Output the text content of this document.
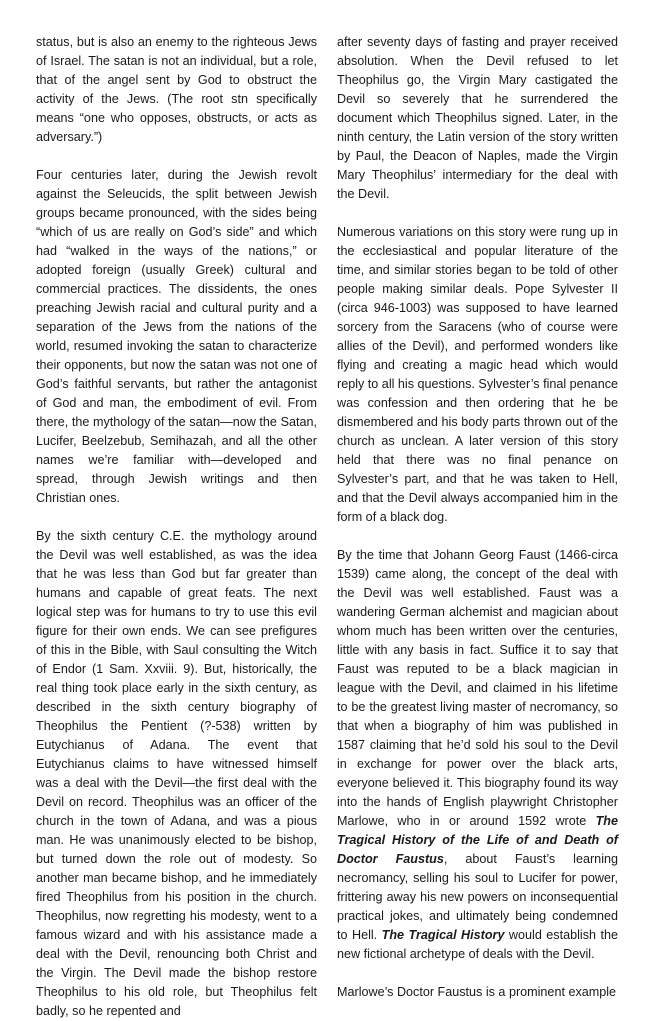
status, but is also an enemy to the righteous Jews of Israel. The satan is not an individual, but a role, that of the angel sent by God to obstruct the activity of the Jews. (The root stn specifically means “one who opposes, obstructs, or acts as adversary.”)

Four centuries later, during the Jewish revolt against the Seleucids, the split between Jewish groups became pronounced, with the sides being “which of us are really on God’s side” and which had “walked in the ways of the nations,” or adopted foreign (usually Greek) cultural and commercial practices. The dissidents, the ones preaching Jewish racial and cultural purity and a separation of the Jews from the nations of the world, resumed invoking the satan to characterize their opponents, but now the satan was not one of God’s faithful servants, but rather the antagonist of God and man, the embodiment of evil. From there, the mythology of the satan—now the Satan, Lucifer, Beelzebub, Semihazah, and all the other names we’re familiar with—developed and spread, through Jewish writings and then Christian ones.

By the sixth century C.E. the mythology around the Devil was well established, as was the idea that he was less than God but far greater than humans and capable of great feats. The next logical step was for humans to try to use this evil figure for their own ends. We can see prefigures of this in the Bible, with Saul consulting the Witch of Endor (1 Sam. Xxviii. 9). But, historically, the real thing took place early in the sixth century, as described in the sixth century biography of Theophilus the Pentient (?-538) written by Eutychianus of Adana. The event that Eutychianus claims to have witnessed himself was a deal with the Devil—the first deal with the Devil on record. Theophilus was an officer of the church in the town of Adana, and was a pious man. He was unanimously elected to be bishop, but turned down the role out of modesty. So another man became bishop, and he immediately fired Theophilus from his position in the church. Theophilus, now regretting his modesty, went to a famous wizard and with his assistance made a deal with the Devil, renouncing both Christ and the Virgin. The Devil made the bishop restore Theophilus to his old role, but Theophilus felt badly, so he repented and

after seventy days of fasting and prayer received absolution. When the Devil refused to let Theophilus go, the Virgin Mary castigated the Devil so severely that he surrendered the document which Theophilus signed. Later, in the ninth century, the Latin version of the story written by Paul, the Deacon of Naples, made the Virgin Mary Theophilus’ intermediary for the deal with the Devil.

Numerous variations on this story were rung up in the ecclesiastical and popular literature of the time, and similar stories began to be told of other people making similar deals. Pope Sylvester II (circa 946-1003) was supposed to have learned sorcery from the Saracens (who of course were allies of the Devil), and performed wonders like flying and creating a magic head which would reply to all his questions. Sylvester’s final penance was confession and then ordering that he be dismembered and his body parts thrown out of the church as unclean. A later version of this story held that there was no final penance on Sylvester’s part, and that he was taken to Hell, and that the Devil always accompanied him in the form of a black dog.

By the time that Johann Georg Faust (1466-circa 1539) came along, the concept of the deal with the Devil was well established. Faust was a wandering German alchemist and magician about whom much has been written over the centuries, little with any basis in fact. Suffice it to say that Faust was reputed to be a black magician in league with the Devil, and claimed in his lifetime to be the greatest living master of necromancy, so that when a biography of him was published in 1587 claiming that he’d sold his soul to the Devil in exchange for power over the black arts, everyone believed it. This biography found its way into the hands of English playwright Christopher Marlowe, who in or around 1592 wrote The Tragical History of the Life of and Death of Doctor Faustus, about Faust’s learning necromancy, selling his soul to Lucifer for power, frittering away his new powers on inconsequential practical jokes, and ultimately being condemned to Hell. The Tragical History would establish the new fictional archetype of deals with the Devil.

Marlowe’s Doctor Faustus is a prominent example
